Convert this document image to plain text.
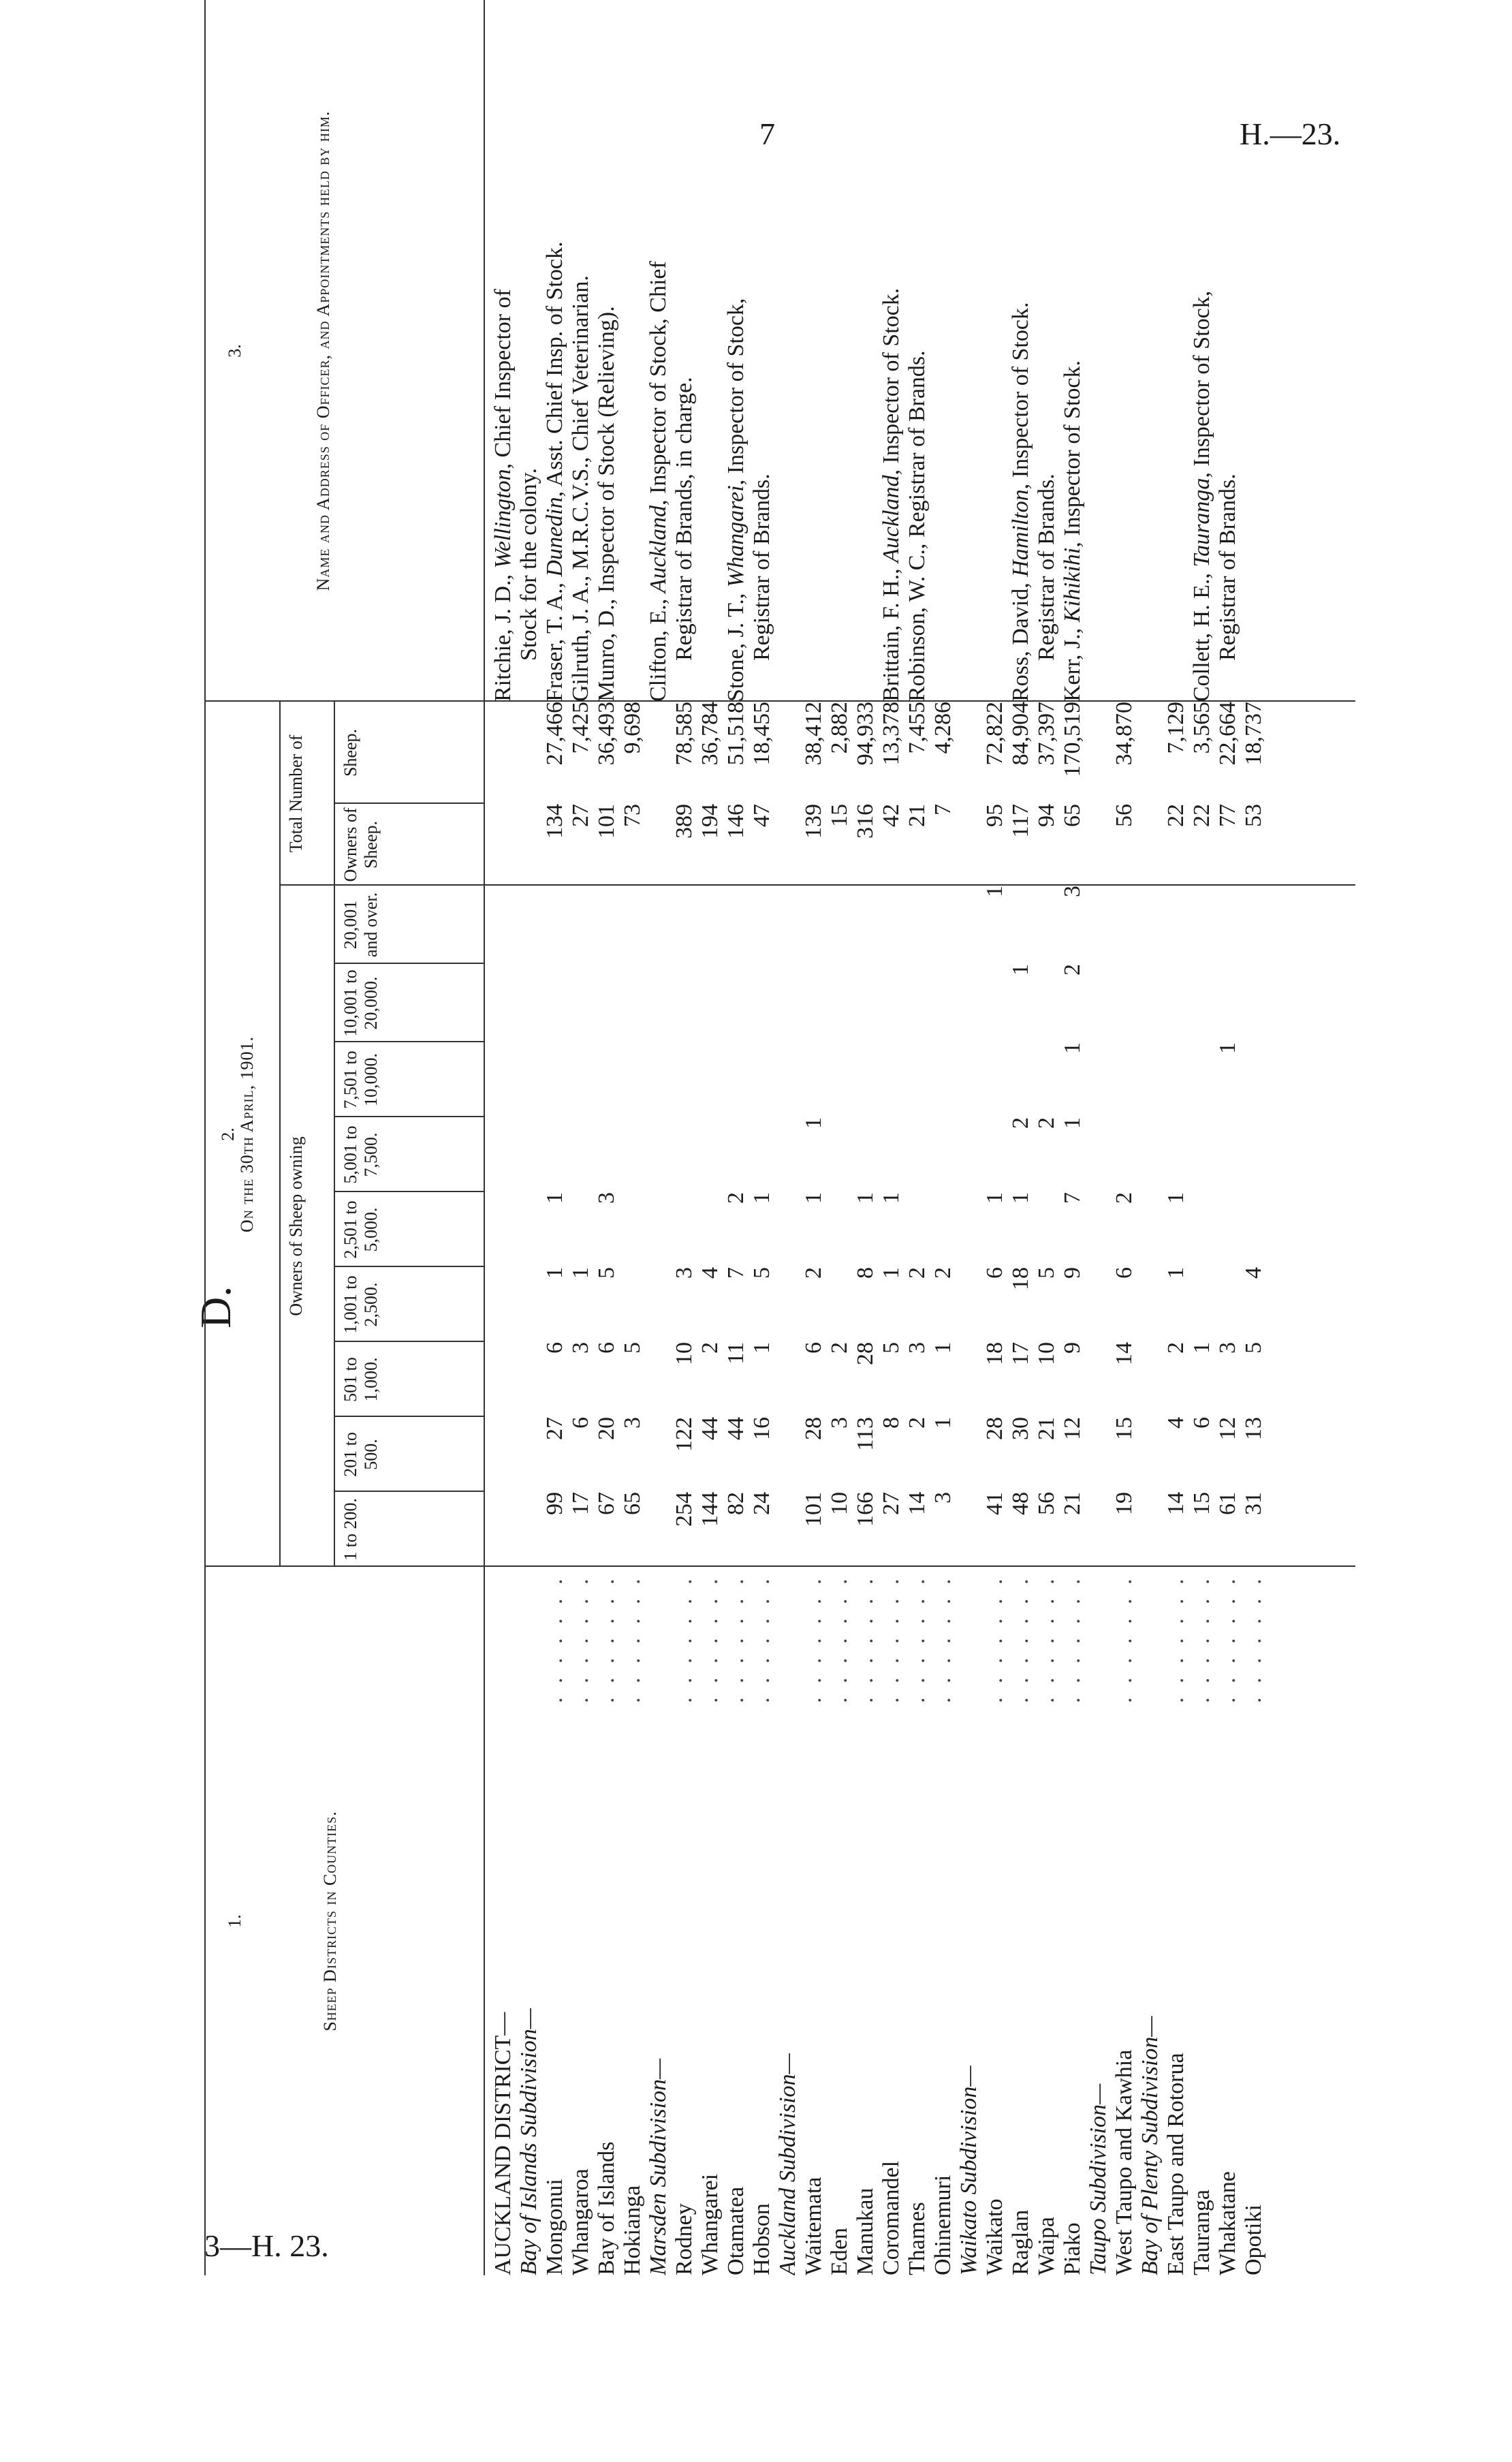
7	H.—23.
3—H. 23.
D.
1.	Sheep Districts in Counties.
2. On the 30th April, 1901. Owners of Sheep owning
Total Number of
1 to 200.
201 to 500.
501 to 1,000.
1,001 to 2,500.
2,501 to 5,000.
5,001 to 7,500.
7,501 to 10,000.
10,001 to 20,000.
20,001 and over.
Owners of Sheep.
Sheep.
3.	Name and Address of Officer, and Appointments held by him.
AUCKLAND DISTRICT—													Ritchie, J. D., Wellington, Chief Inspector of
Bay of Islands Subdivision—													Stock for the colony.
Mongonui	. . . . . . .	99	27	6	1	1					134	27,466	Fraser, T. A., Dunedin, Asst. Chief Insp. of Stock.
Whangaroa	. . . . . . .	17	6	3	1						27	7,425	Gilruth, J. A., M.R.C.V.S., Chief Veterinarian.
Bay of Islands	. . . . . . .	67	20	6	5	3					101	36,493	Munro, D., Inspector of Stock (Relieving).
Hokianga	. . . . . . .	65	3	5							73	9,698	
Marsden Subdivision—													Clifton, E., Auckland, Inspector of Stock, Chief
Rodney	. . . . . . .	254	122	10	3						389	78,585	Registrar of Brands, in charge.
Whangarei	. . . . . . .	144	44	2	4						194	36,784	
Otamatea	. . . . . . .	82	44	11	7	2					146	51,518	Stone, J. T., Whangarei, Inspector of Stock,
Hobson	. . . . . . .	24	16	1	5	1					47	18,455	Registrar of Brands.
Auckland Subdivision—													
Waitemata	. . . . . . .	101	28	6	2	1	1				139	38,412	
Eden	. . . . . . .	10	3	2							15	2,882	
Manukau	. . . . . . .	166	113	28	8	1					316	94,933	
Coromandel	. . . . . . .	27	8	5	1	1					42	13,378	Brittain, F. H., Auckland, Inspector of Stock.
Thames	. . . . . . .	14	2	3	2						21	7,455	Robinson, W. C., Registrar of Brands.
Ohinemuri	. . . . . . .	3	1	1	2						7	4,286	
Waikato Subdivision—													
Waikato	. . . . . . .	41	28	18	6	1				1	95	72,822	
Raglan	. . . . . . .	48	30	17	18	1	2		1		117	84,904	Ross, David, Hamilton, Inspector of Stock.
Waipa	. . . . . . .	56	21	10	5		2				94	37,397	Registrar of Brands.
Piako	. . . . . . .	21	12	9	9	7	1	1	2	3	65	170,519	Kerr, J., Kihikihi, Inspector of Stock.
Taupo Subdivision—													
West Taupo and Kawhia	. . . . . . .	19	15	14	6	2					56	34,870	
Bay of Plenty Subdivision—													
East Taupo and Rotorua	. . . . . . .	14	4	2	1	1					22	7,129	
Tauranga	. . . . . . .	15	6	1							22	3,565	Collett, H. E., Tauranga, Inspector of Stock,
Whakatane	. . . . . . .	61	12	3				1			77	22,664	Registrar of Brands.
Opotiki	. . . . . . .	31	13	5	4						53	18,737	
